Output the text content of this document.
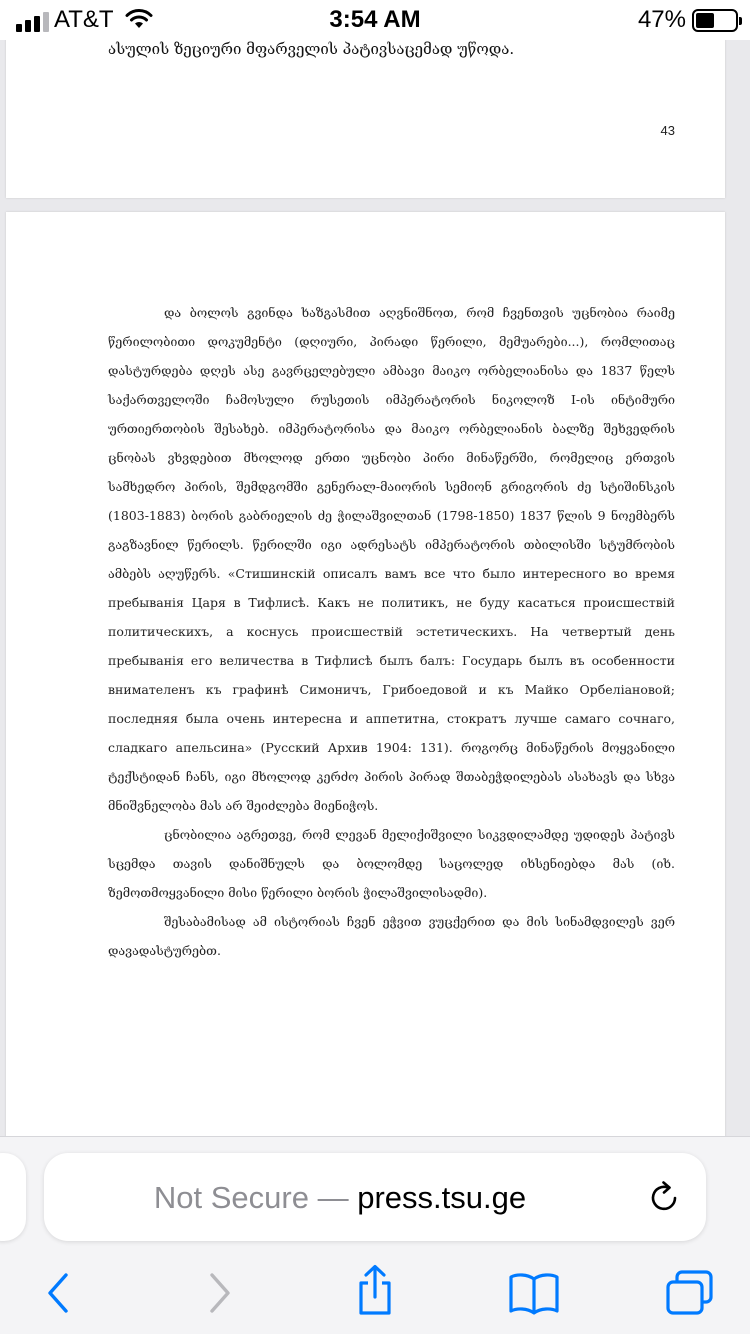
AT&T	3:54 AM	47%
ასულის ზეციური მფარველის პატივსაცემად უწოდა.
43

და ბოლოს გვინდა ხაზგასმით აღვნიშნოთ, რომ ჩვენთვის უცნობია რაიმე წერილობითი დოკუმენტი (დღიური, პირადი წერილი, მემუარები...), რომლითაც დასტურდება დღეს ასე გავრცელებული ამბავი მაიკო ორბელიანისა და 1837 წელს საქართველოში ჩამოსული რუსეთის იმპერატორის ნიკოლოზ I-ის ინტიმური ურთიერთობის შესახებ. იმპერატორისა და მაიკო ორბელიანის ბალზე შეხვედრის ცნობას ვხვდებით მხოლოდ ერთი უცნობი პირი მინაწერში, რომელიც ერთვის სამხედრო პირის, შემდგომში გენერალ-მაიორის სემიონ გრიგორის ძე სტიშინსკის (1803-1883) ბორის გაბრიელის ძე ჭილაშვილთან (1798-1850) 1837 წლის 9 ნოემბერს გაგზავნილ წერილს. წერილში იგი ადრესატს იმპერატორის თბილისში სტუმრობის ამბებს აღუწერს. «Стишинскій описалъ вамъ все что было интересного во время пребыванія Царя в Тифлисѣ. Какъ не политикъ, не буду касаться происшествій политическихъ, а коснусь происшествій эстетическихъ. На четвертый день пребыванія его величества в Тифлисѣ былъ балъ: Государь былъ въ особенности внимателенъ къ графинѣ Симоничъ, Грибоедовой и къ Майко Орбеліановой; последняя была очень интересна и аппетитна, стократъ лучше самаго сочнаго, сладкаго апельсина» (Русский Архив 1904: 131). როგორც მინაწერის მოყვანილი ტექსტიდან ჩანს, იგი მხოლოდ კერძო პირის პირად შთაბეჭდილებას ასახავს და სხვა მნიშვნელობა მას არ შეიძლება მიენიჭოს.

ცნობილია აგრეთვე, რომ ლევან მელიქიშვილი სიკვდილამდე უდიდეს პატივს სცემდა თავის დანიშნულს და ბოლომდე საცოლედ იხსენიებდა მას (იხ. ზემოთმოყვანილი მისი წერილი ბორის ჭილაშვილისადმი).

შესაბამისად ამ ისტორიას ჩვენ ეჭვით ვუცქერით და მის სინამდვილეს ვერ დავადასტურებთ.

Not Secure — press.tsu.ge
